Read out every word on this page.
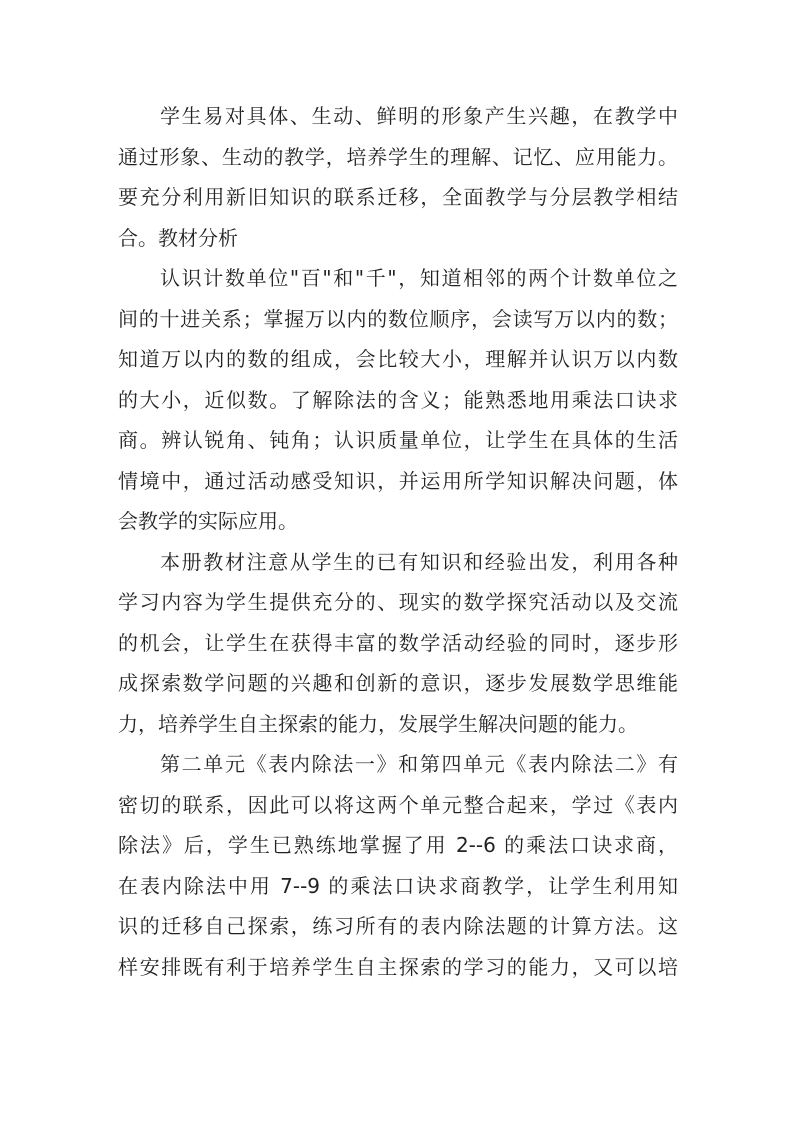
学生易对具体、生动、鲜明的形象产生兴趣，在教学中
通过形象、生动的教学，培养学生的理解、记忆、应用能力。
要充分利用新旧知识的联系迁移，全面教学与分层教学相结
合。教材分析
认识计数单位"百"和"千"，知道相邻的两个计数单位之
间的十进关系；掌握万以内的数位顺序，会读写万以内的数；
知道万以内的数的组成，会比较大小，理解并认识万以内数
的大小，近似数。了解除法的含义；能熟悉地用乘法口诀求
商。辨认锐角、钝角；认识质量单位，让学生在具体的生活
情境中，通过活动感受知识，并运用所学知识解决问题，体
会教学的实际应用。
本册教材注意从学生的已有知识和经验出发，利用各种
学习内容为学生提供充分的、现实的数学探究活动以及交流
的机会，让学生在获得丰富的数学活动经验的同时，逐步形
成探索数学问题的兴趣和创新的意识，逐步发展数学思维能
力，培养学生自主探索的能力，发展学生解决问题的能力。
第二单元《表内除法一》和第四单元《表内除法二》有
密切的联系，因此可以将这两个单元整合起来，学过《表内
除法》后，学生已熟练地掌握了用 2--6 的乘法口诀求商，
在表内除法中用 7--9 的乘法口诀求商教学，让学生利用知
识的迁移自己探索，练习所有的表内除法题的计算方法。这
样安排既有利于培养学生自主探索的学习的能力，又可以培
